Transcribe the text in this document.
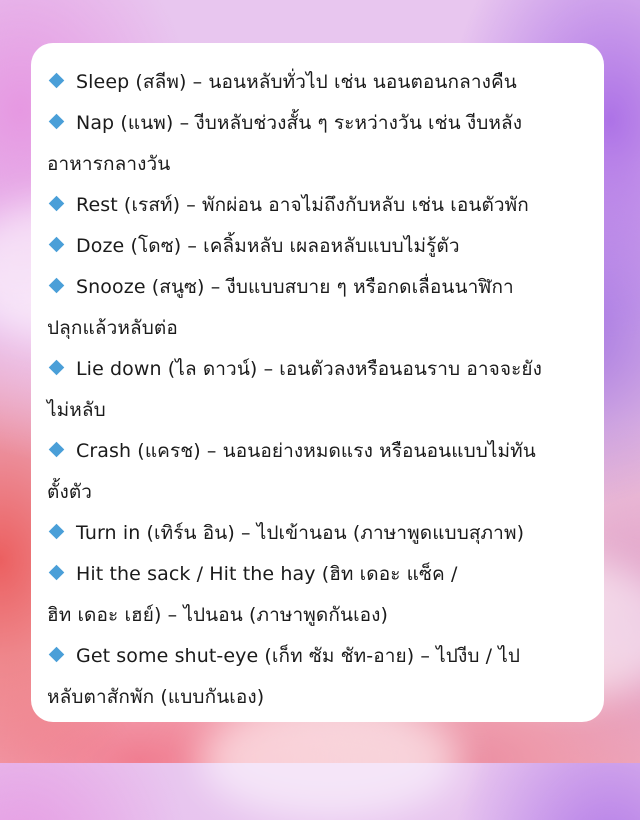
Sleep (สลีพ) – นอนหลับทั่วไป เช่น นอนตอนกลางคืน
Nap (แนพ) – งีบหลับช่วงสั้น ๆ ระหว่างวัน เช่น งีบหลัง
อาหารกลางวัน
Rest (เรสท์) – พักผ่อน อาจไม่ถึงกับหลับ เช่น เอนตัวพัก
Doze (โดซ) – เคลิ้มหลับ เผลอหลับแบบไม่รู้ตัว
Snooze (สนูซ) – งีบแบบสบาย ๆ หรือกดเลื่อนนาฬิกา
ปลุกแล้วหลับต่อ
Lie down (ไล ดาวน์) – เอนตัวลงหรือนอนราบ อาจจะยัง
ไม่หลับ
Crash (แครช) – นอนอย่างหมดแรง หรือนอนแบบไม่ทัน
ตั้งตัว
Turn in (เทิร์น อิน) – ไปเข้านอน (ภาษาพูดแบบสุภาพ)
Hit the sack / Hit the hay (ฮิท เดอะ แซ็ค /
ฮิท เดอะ เฮย์) – ไปนอน (ภาษาพูดกันเอง)
Get some shut-eye (เก็ท ซัม ชัท-อาย) – ไปงีบ / ไป
หลับตาสักพัก (แบบกันเอง)
